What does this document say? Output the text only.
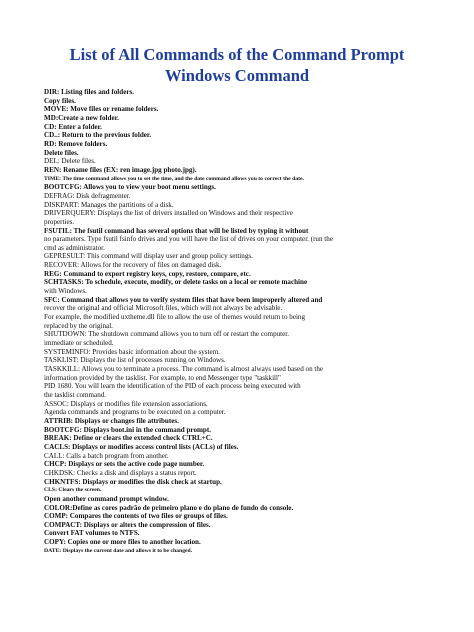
List of All Commands of the Command Prompt
Windows Command
DIR: Listing files and folders.
Copy files.
MOVE: Move files or rename folders.
MD:Create a new folder.
CD: Enter a folder.
CD..: Return to the previous folder.
RD: Remove folders.
Delete files.
DEL: Delete files.
REN: Rename files (EX: ren image.jpg photo.jpg).
TIME: The time command allows you to set the time, and the date command allows you to correct the date.
BOOTCFG: Allows you to view your boot menu settings.
DEFRAG: Disk defragmenter.
DISKPART: Manages the partitions of a disk.
DRIVERQUERY: Displays the list of drivers installed on Windows and their respective
properties.
FSUTIL: The fsutil command has several options that will be listed by typing it without
no parameters. Type fsutil fsinfo drives and you will have the list of drives on your computer. (run the
cmd as administrator.
GEPRESULT: This command will display user and group policy settings.
RECOVER: Allows for the recovery of files on damaged disk.
REG: Command to export registry keys, copy, restore, compare, etc.
SCHTASKS: To schedule, execute, modify, or delete tasks on a local or remote machine
with Windows.
SFC: Command that allows you to verify system files that have been improperly altered and
recover the original and official Microsoft files, which will not always be advisable.
For example, the modified uxtheme.dll file to allow the use of themes would return to being
replaced by the original.
SHUTDOWN: The shutdown command allows you to turn off or restart the computer.
immediate or scheduled.
SYSTEMINFO: Provides basic information about the system.
TASKLIST: Displays the list of processes running on Windows.
TASKKILL: Allows you to terminate a process. The command is almost always used based on the
information provided by the tasklist. For example, to end Messenger type "taskkill"
PID 1680. You will learn the identification of the PID of each process being executed with
the tasklist command.
ASSOC: Displays or modifies file extension associations.
Agenda commands and programs to be executed on a computer.
ATTRIB: Displays or changes file attributes.
BOOTCFG: Displays boot.ini in the command prompt.
BREAK: Define or clears the extended check CTRL+C.
CACLS: Displays or modifies access control lists (ACLs) of files.
CALL: Calls a batch program from another.
CHCP: Displays or sets the active code page number.
CHKDSK: Checks a disk and displays a status report.
CHKNTFS: Displays or modifies the disk check at startup.
CLS: Clears the screen.
Open another command prompt window.
COLOR:Define as cores padrão de primeiro plano e do plano de fundo do console.
COMP: Compares the contents of two files or groups of files.
COMPACT: Displays or alters the compression of files.
Convert FAT volumes to NTFS.
COPY: Copies one or more files to another location.
DATE: Displays the current date and allows it to be changed.
